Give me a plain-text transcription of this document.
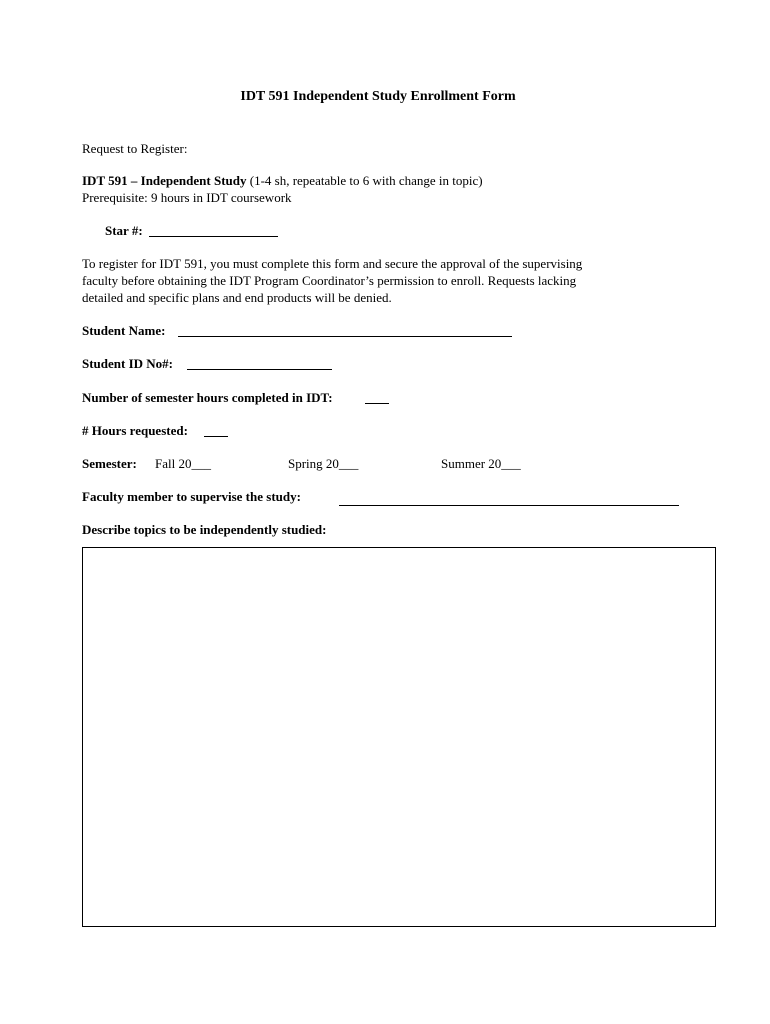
IDT 591 Independent Study Enrollment Form
Request to Register:
IDT 591 – Independent Study (1-4 sh, repeatable to 6 with change in topic)
Prerequisite: 9 hours in IDT coursework
Star #:
To register for IDT 591, you must complete this form and secure the approval of the supervising
faculty before obtaining the IDT Program Coordinator’s permission to enroll. Requests lacking
detailed and specific plans and end products will be denied.
Student Name:
Student ID No#:
Number of semester hours completed in IDT:
# Hours requested:
Semester: Fall 20___	Spring 20___	Summer 20___
Faculty member to supervise the study:
Describe topics to be independently studied:
